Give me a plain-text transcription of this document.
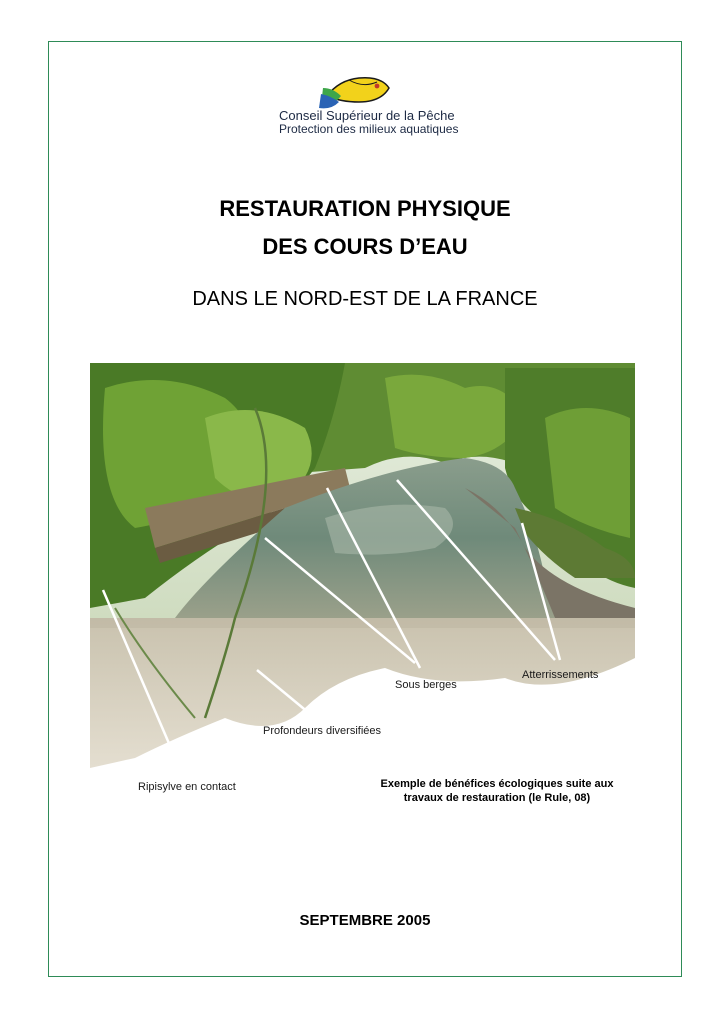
Conseil Supérieur de la Pêche
Protection des milieux aquatiques
RESTAURATION PHYSIQUE
DES COURS D’EAU
DANS LE NORD-EST DE LA FRANCE
Sous berges
Atterrissements
Profondeurs diversifiées
Ripisylve en contact	Exemple de bénéfices écologiques suite aux
travaux de restauration (le Rule, 08)
SEPTEMBRE 2005
